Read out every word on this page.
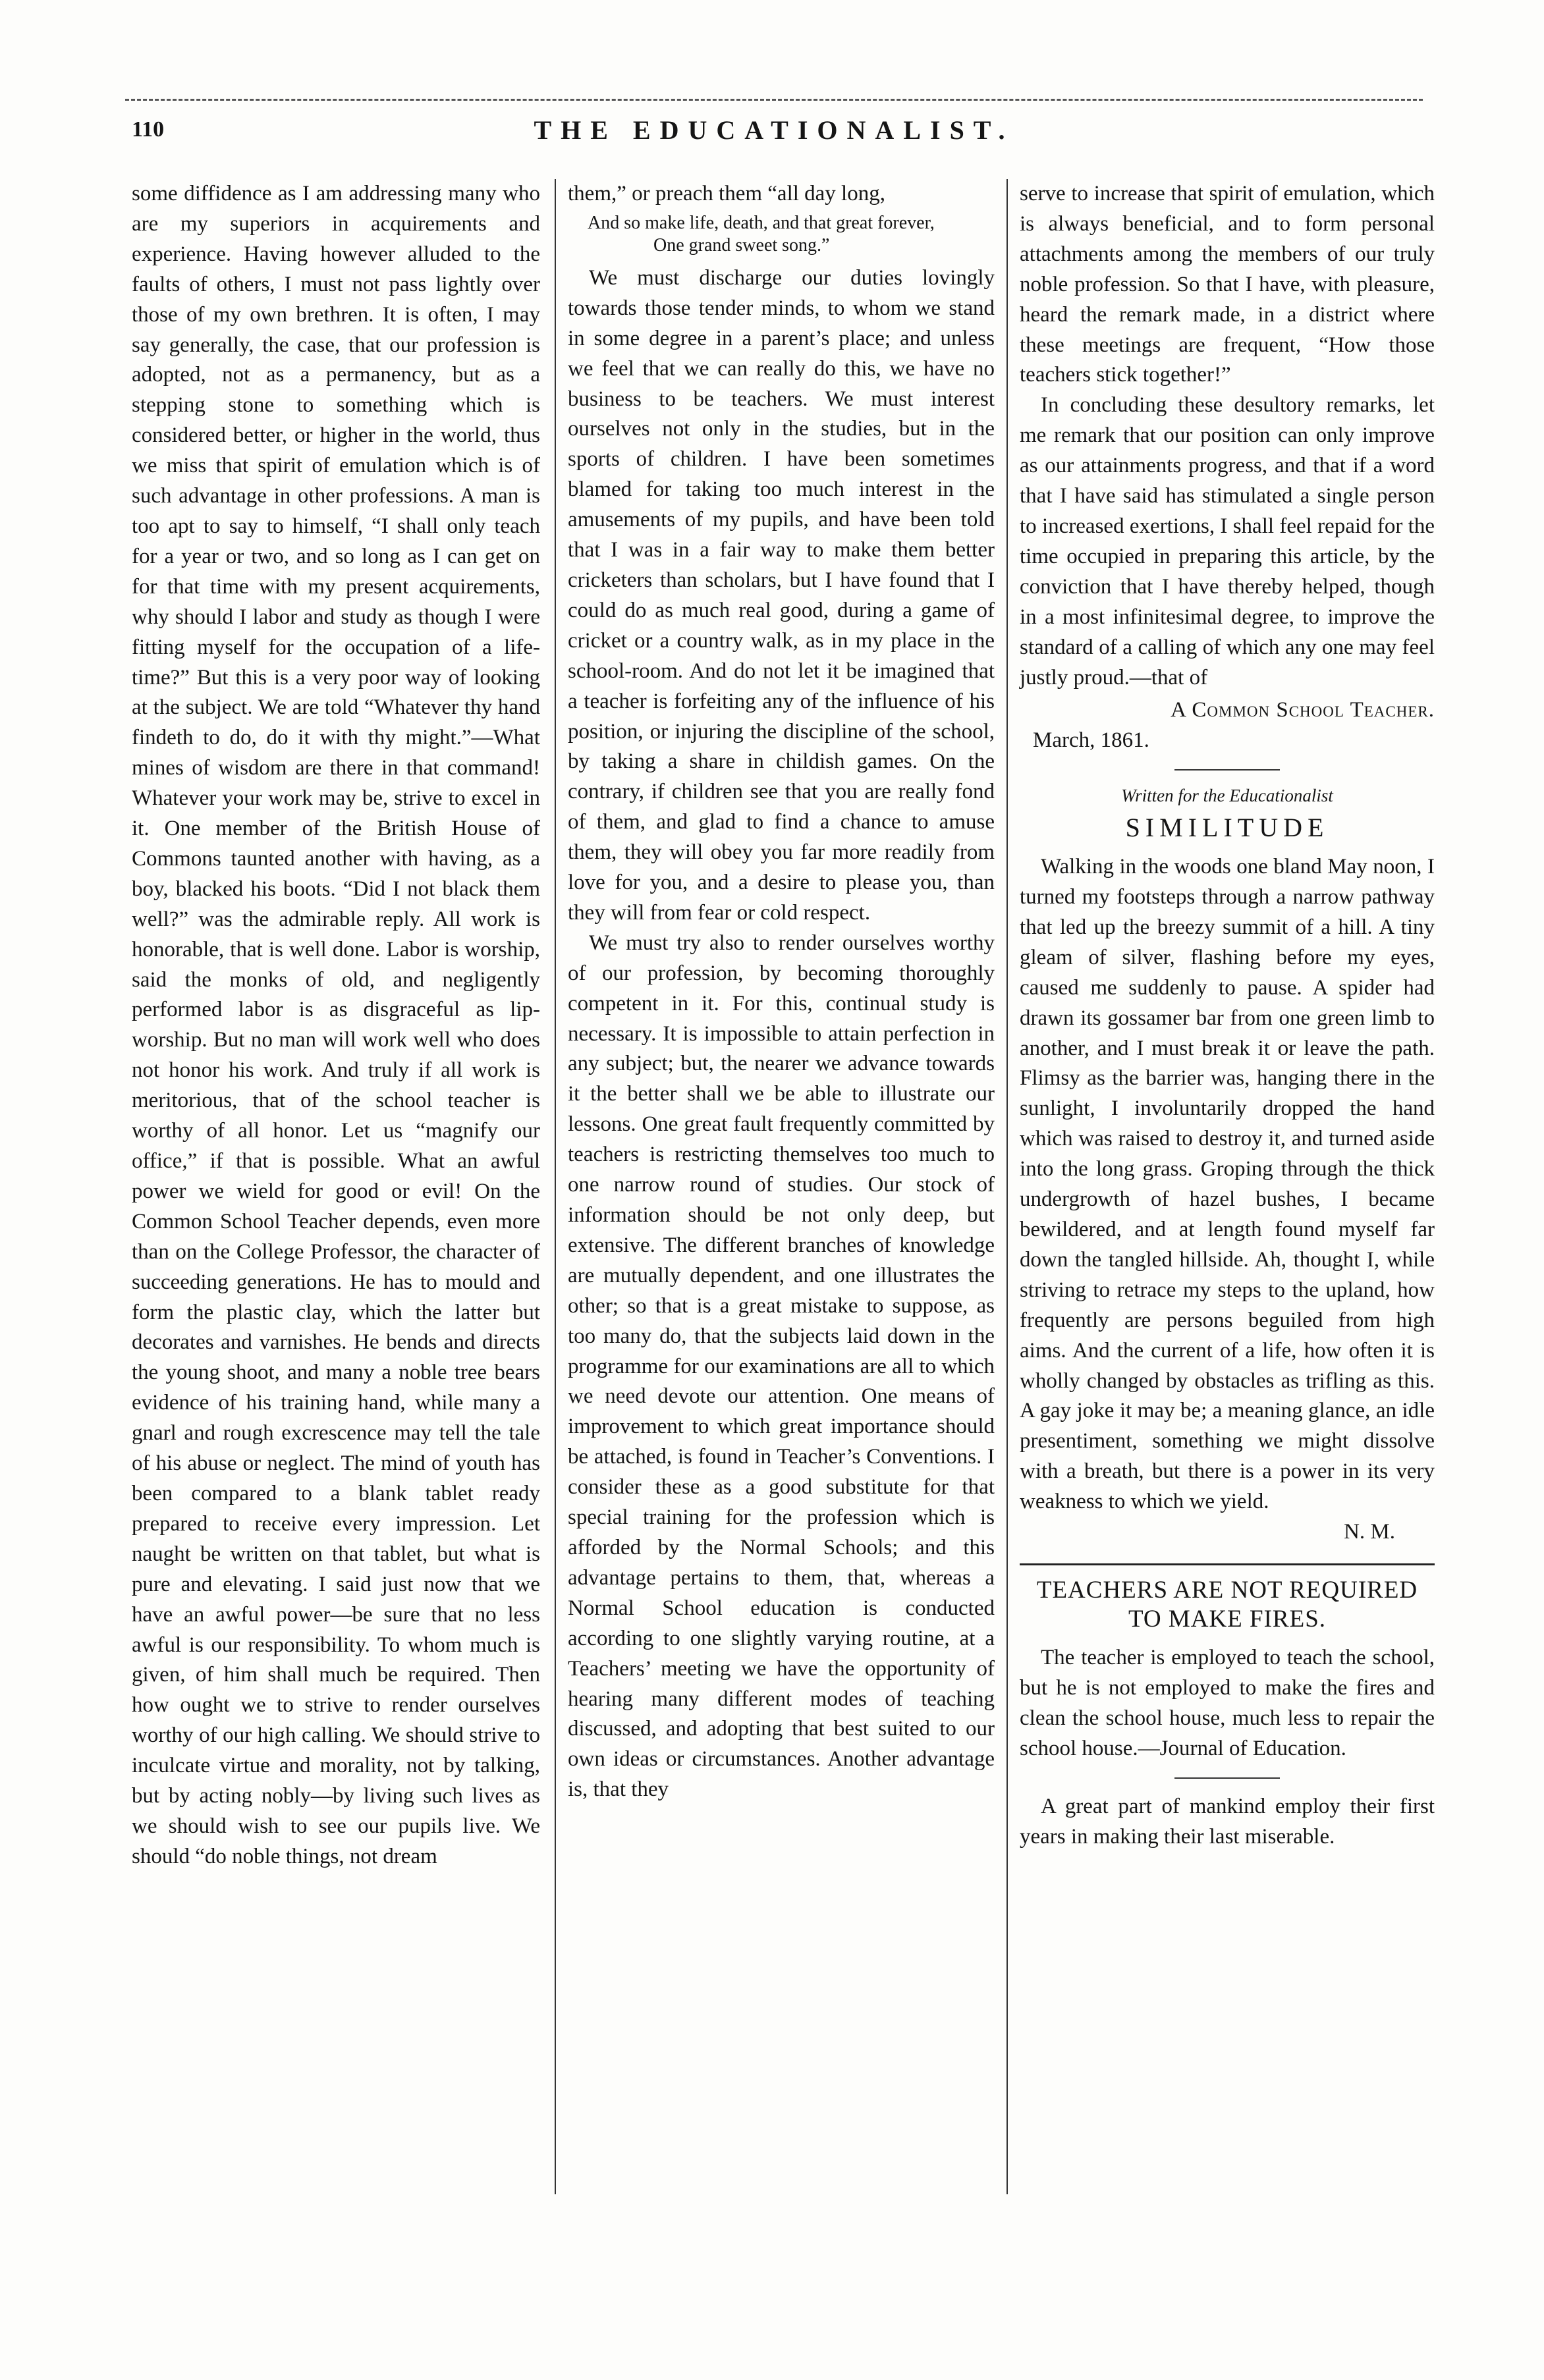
110	THE EDUCATIONALIST.

some diffidence as I am addressing many who are my superiors in acquirements and experience. Having however alluded to the faults of others, I must not pass lightly over those of my own brethren. It is often, I may say generally, the case, that our profession is adopted, not as a permanency, but as a stepping stone to something which is considered better, or higher in the world, thus we miss that spirit of emulation which is of such advantage in other professions. A man is too apt to say to himself, “I shall only teach for a year or two, and so long as I can get on for that time with my present acquirements, why should I labor and study as though I were fitting myself for the occupation of a life-time?” But this is a very poor way of looking at the subject. We are told “Whatever thy hand findeth to do, do it with thy might.”—What mines of wisdom are there in that command! Whatever your work may be, strive to excel in it. One member of the British House of Commons taunted another with having, as a boy, blacked his boots. “Did I not black them well?” was the admirable reply. All work is honorable, that is well done. Labor is worship, said the monks of old, and negligently performed labor is as disgraceful as lip-worship. But no man will work well who does not honor his work. And truly if all work is meritorious, that of the school teacher is worthy of all honor. Let us “magnify our office,” if that is possible. What an awful power we wield for good or evil! On the Common School Teacher depends, even more than on the College Professor, the character of succeeding generations. He has to mould and form the plastic clay, which the latter but decorates and varnishes. He bends and directs the young shoot, and many a noble tree bears evidence of his training hand, while many a gnarl and rough excrescence may tell the tale of his abuse or neglect. The mind of youth has been compared to a blank tablet ready prepared to receive every impression. Let naught be written on that tablet, but what is pure and elevating. I said just now that we have an awful power—be sure that no less awful is our responsibility. To whom much is given, of him shall much be required. Then how ought we to strive to render ourselves worthy of our high calling. We should strive to inculcate virtue and morality, not by talking, but by acting nobly—by living such lives as we should wish to see our pupils live. We should “do noble things, not dream

them,” or preach them “all day long,

And so make life, death, and that great forever,
One grand sweet song.”

We must discharge our duties lovingly towards those tender minds, to whom we stand in some degree in a parent’s place; and unless we feel that we can really do this, we have no business to be teachers. We must interest ourselves not only in the studies, but in the sports of children. I have been sometimes blamed for taking too much interest in the amusements of my pupils, and have been told that I was in a fair way to make them better cricketers than scholars, but I have found that I could do as much real good, during a game of cricket or a country walk, as in my place in the school-room. And do not let it be imagined that a teacher is forfeiting any of the influence of his position, or injuring the discipline of the school, by taking a share in childish games. On the contrary, if children see that you are really fond of them, and glad to find a chance to amuse them, they will obey you far more readily from love for you, and a desire to please you, than they will from fear or cold respect.

We must try also to render ourselves worthy of our profession, by becoming thoroughly competent in it. For this, continual study is necessary. It is impossible to attain perfection in any subject; but, the nearer we advance towards it the better shall we be able to illustrate our lessons. One great fault frequently committed by teachers is restricting themselves too much to one narrow round of studies. Our stock of information should be not only deep, but extensive. The different branches of knowledge are mutually dependent, and one illustrates the other; so that is a great mistake to suppose, as too many do, that the subjects laid down in the programme for our examinations are all to which we need devote our attention. One means of improvement to which great importance should be attached, is found in Teacher’s Conventions. I consider these as a good substitute for that special training for the profession which is afforded by the Normal Schools; and this advantage pertains to them, that, whereas a Normal School education is conducted according to one slightly varying routine, at a Teachers’ meeting we have the opportunity of hearing many different modes of teaching discussed, and adopting that best suited to our own ideas or circumstances. Another advantage is, that they

serve to increase that spirit of emulation, which is always beneficial, and to form personal attachments among the members of our truly noble profession. So that I have, with pleasure, heard the remark made, in a district where these meetings are frequent, “How those teachers stick together!”

In concluding these desultory remarks, let me remark that our position can only improve as our attainments progress, and that if a word that I have said has stimulated a single person to increased exertions, I shall feel repaid for the time occupied in preparing this article, by the conviction that I have thereby helped, though in a most infinitesimal degree, to improve the standard of a calling of which any one may feel justly proud.—that of

A Common School Teacher.
March, 1861.
Written for the Educationalist
SIMILITUDE

Walking in the woods one bland May noon, I turned my footsteps through a narrow pathway that led up the breezy summit of a hill. A tiny gleam of silver, flashing before my eyes, caused me suddenly to pause. A spider had drawn its gossamer bar from one green limb to another, and I must break it or leave the path. Flimsy as the barrier was, hanging there in the sunlight, I involuntarily dropped the hand which was raised to destroy it, and turned aside into the long grass. Groping through the thick undergrowth of hazel bushes, I became bewildered, and at length found myself far down the tangled hillside. Ah, thought I, while striving to retrace my steps to the upland, how frequently are persons beguiled from high aims. And the current of a life, how often it is wholly changed by obstacles as trifling as this. A gay joke it may be; a meaning glance, an idle presentiment, something we might dissolve with a breath, but there is a power in its very weakness to which we yield.

N. M.
TEACHERS ARE NOT REQUIRED TO MAKE FIRES.

The teacher is employed to teach the school, but he is not employed to make the fires and clean the school house, much less to repair the school house.—Journal of Education.

A great part of mankind employ their first years in making their last miserable.
